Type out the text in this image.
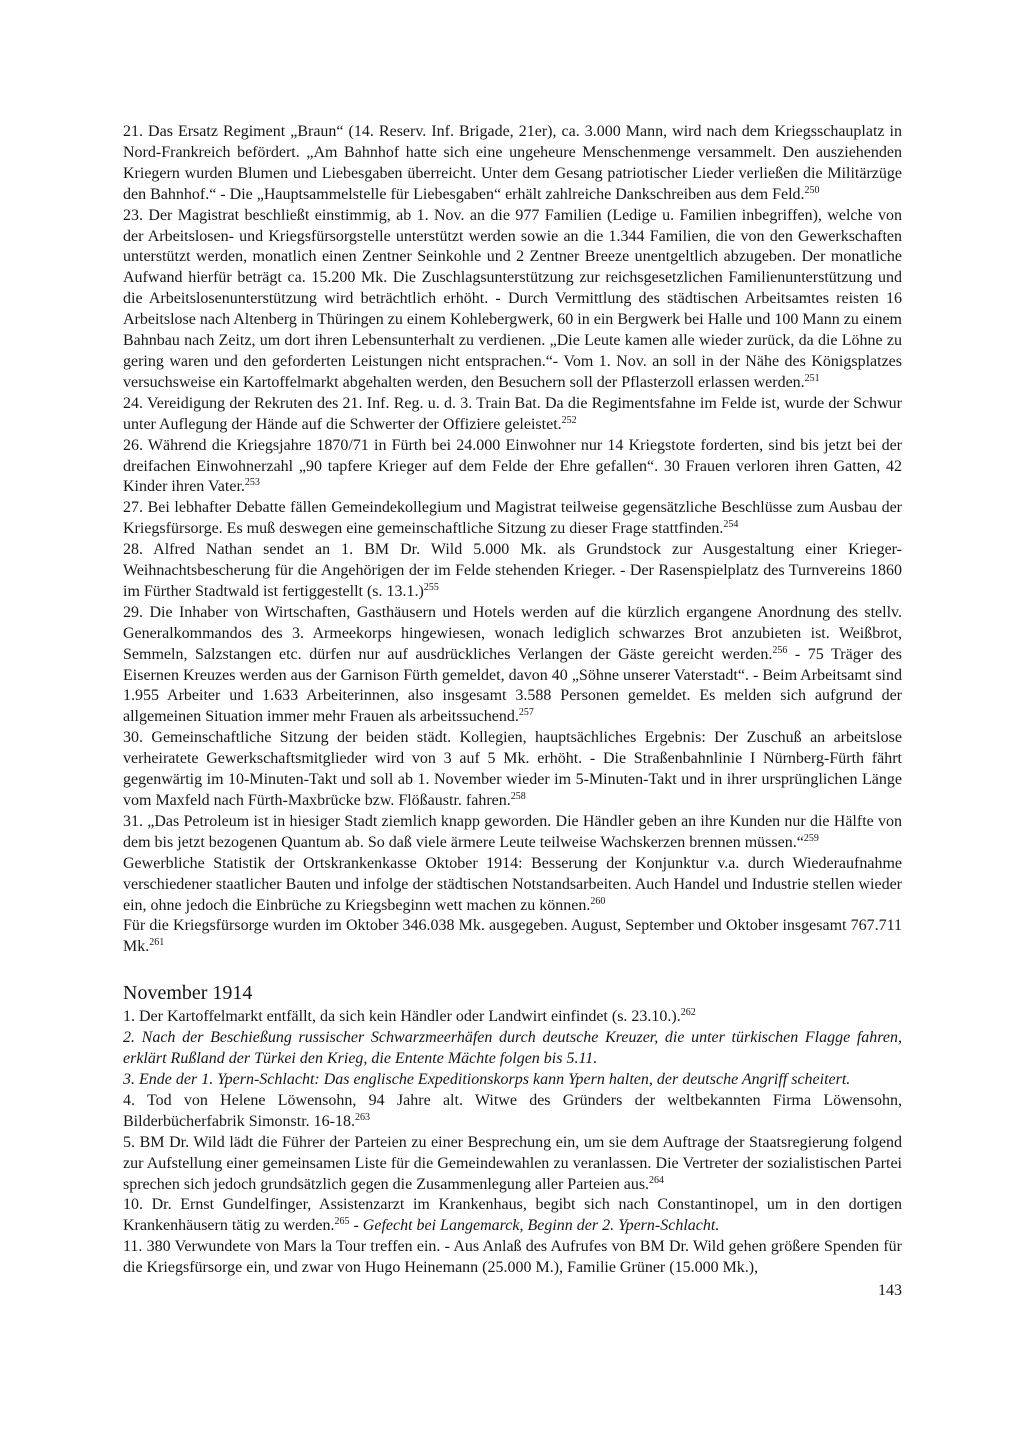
21. Das Ersatz Regiment „Braun“ (14. Reserv. Inf. Brigade, 21er), ca. 3.000 Mann, wird nach dem Kriegsschauplatz in Nord-Frankreich befördert. „Am Bahnhof hatte sich eine ungeheure Menschenmenge versammelt. Den ausziehenden Kriegern wurden Blumen und Liebesgaben überreicht. Unter dem Gesang patriotischer Lieder verließen die Militärzüge den Bahnhof.“ - Die „Hauptsammelstelle für Liebesgaben“ erhält zahlreiche Dankschreiben aus dem Feld.$^{250}$

23. Der Magistrat beschließt einstimmig, ab 1. Nov. an die 977 Familien (Ledige u. Familien inbegriffen), welche von der Arbeitslosen- und Kriegsfürsorgstelle unterstützt werden sowie an die 1.344 Familien, die von den Gewerkschaften unterstützt werden, monatlich einen Zentner Seinkohle und 2 Zentner Breeze unentgeltlich abzugeben. Der monatliche Aufwand hierfür beträgt ca. 15.200 Mk. Die Zuschlagsunterstützung zur reichsgesetzlichen Familienunterstützung und die Arbeitslosenunterstützung wird beträchtlich erhöht. - Durch Vermittlung des städtischen Arbeitsamtes reisten 16 Arbeitslose nach Altenberg in Thüringen zu einem Kohlebergwerk, 60 in ein Bergwerk bei Halle und 100 Mann zu einem Bahnbau nach Zeitz, um dort ihren Lebensunterhalt zu verdienen. „Die Leute kamen alle wieder zurück, da die Löhne zu gering waren und den geforderten Leistungen nicht entsprachen.“- Vom 1. Nov. an soll in der Nähe des Königsplatzes versuchsweise ein Kartoffelmarkt abgehalten werden, den Besuchern soll der Pflasterzoll erlassen werden.$^{251}$

24. Vereidigung der Rekruten des 21. Inf. Reg. u. d. 3. Train Bat. Da die Regimentsfahne im Felde ist, wurde der Schwur unter Auflegung der Hände auf die Schwerter der Offiziere geleistet.$^{252}$

26. Während die Kriegsjahre 1870/71 in Fürth bei 24.000 Einwohner nur 14 Kriegstote forderten, sind bis jetzt bei der dreifachen Einwohnerzahl „90 tapfere Krieger auf dem Felde der Ehre gefallen“. 30 Frauen verloren ihren Gatten, 42 Kinder ihren Vater.$^{253}$

27. Bei lebhafter Debatte fällen Gemeindekollegium und Magistrat teilweise gegensätzliche Beschlüsse zum Ausbau der Kriegsfürsorge. Es muß deswegen eine gemeinschaftliche Sitzung zu dieser Frage stattfinden.$^{254}$

28. Alfred Nathan sendet an 1. BM Dr. Wild 5.000 Mk. als Grundstock zur Ausgestaltung einer Krieger-Weihnachtsbescherung für die Angehörigen der im Felde stehenden Krieger. - Der Rasenspielplatz des Turnvereins 1860 im Fürther Stadtwald ist fertiggestellt (s. 13.1.)$^{255}$

29. Die Inhaber von Wirtschaften, Gasthäusern und Hotels werden auf die kürzlich ergangene Anordnung des stellv. Generalkommandos des 3. Armeekorps hingewiesen, wonach lediglich schwarzes Brot anzubieten ist. Weißbrot, Semmeln, Salzstangen etc. dürfen nur auf ausdrückliches Verlangen der Gäste gereicht werden.$^{256}$ - 75 Träger des Eisernen Kreuzes werden aus der Garnison Fürth gemeldet, davon 40 „Söhne unserer Vaterstadt“. - Beim Arbeitsamt sind 1.955 Arbeiter und 1.633 Arbeiterinnen, also insgesamt 3.588 Personen gemeldet. Es melden sich aufgrund der allgemeinen Situation immer mehr Frauen als arbeitssuchend.$^{257}$

30. Gemeinschaftliche Sitzung der beiden städt. Kollegien, hauptsächliches Ergebnis: Der Zuschuß an arbeitslose verheiratete Gewerkschaftsmitglieder wird von 3 auf 5 Mk. erhöht. - Die Straßenbahnlinie I Nürnberg-Fürth fährt gegenwärtig im 10-Minuten-Takt und soll ab 1. November wieder im 5-Minuten-Takt und in ihrer ursprünglichen Länge vom Maxfeld nach Fürth-Maxbrücke bzw. Flößaustr. fahren.$^{258}$

31. „Das Petroleum ist in hiesiger Stadt ziemlich knapp geworden. Die Händler geben an ihre Kunden nur die Hälfte von dem bis jetzt bezogenen Quantum ab. So daß viele ärmere Leute teilweise Wachskerzen brennen müssen.“$^{259}$

Gewerbliche Statistik der Ortskrankenkasse Oktober 1914: Besserung der Konjunktur v.a. durch Wiederaufnahme verschiedener staatlicher Bauten und infolge der städtischen Notstandsarbeiten. Auch Handel und Industrie stellen wieder ein, ohne jedoch die Einbrüche zu Kriegsbeginn wett machen zu können.$^{260}$

Für die Kriegsfürsorge wurden im Oktober 346.038 Mk. ausgegeben. August, September und Oktober insgesamt 767.711 Mk.$^{261}$

November 1914

1. Der Kartoffelmarkt entfällt, da sich kein Händler oder Landwirt einfindet (s. 23.10.).$^{262}$

2. Nach der Beschießung russischer Schwarzmeerhäfen durch deutsche Kreuzer, die unter türkischen Flagge fahren, erklärt Rußland der Türkei den Krieg, die Entente Mächte folgen bis 5.11.

3. Ende der 1. Ypern-Schlacht: Das englische Expeditionskorps kann Ypern halten, der deutsche Angriff scheitert.

4. Tod von Helene Löwensohn, 94 Jahre alt. Witwe des Gründers der weltbekannten Firma Löwensohn, Bilderbücherfabrik Simonstr. 16-18.$^{263}$

5. BM Dr. Wild lädt die Führer der Parteien zu einer Besprechung ein, um sie dem Auftrage der Staatsregierung folgend zur Aufstellung einer gemeinsamen Liste für die Gemeindewahlen zu veranlassen. Die Vertreter der sozialistischen Partei sprechen sich jedoch grundsätzlich gegen die Zusammenlegung aller Parteien aus.$^{264}$

10. Dr. Ernst Gundelfinger, Assistenzarzt im Krankenhaus, begibt sich nach Constantinopel, um in den dortigen Krankenhäusern tätig zu werden.$^{265}$ - Gefecht bei Langemarck, Beginn der 2. Ypern-Schlacht.

11. 380 Verwundete von Mars la Tour treffen ein. - Aus Anlaß des Aufrufes von BM Dr. Wild gehen größere Spenden für die Kriegsfürsorge ein, und zwar von Hugo Heinemann (25.000 M.), Familie Grüner (15.000 Mk.),

143
